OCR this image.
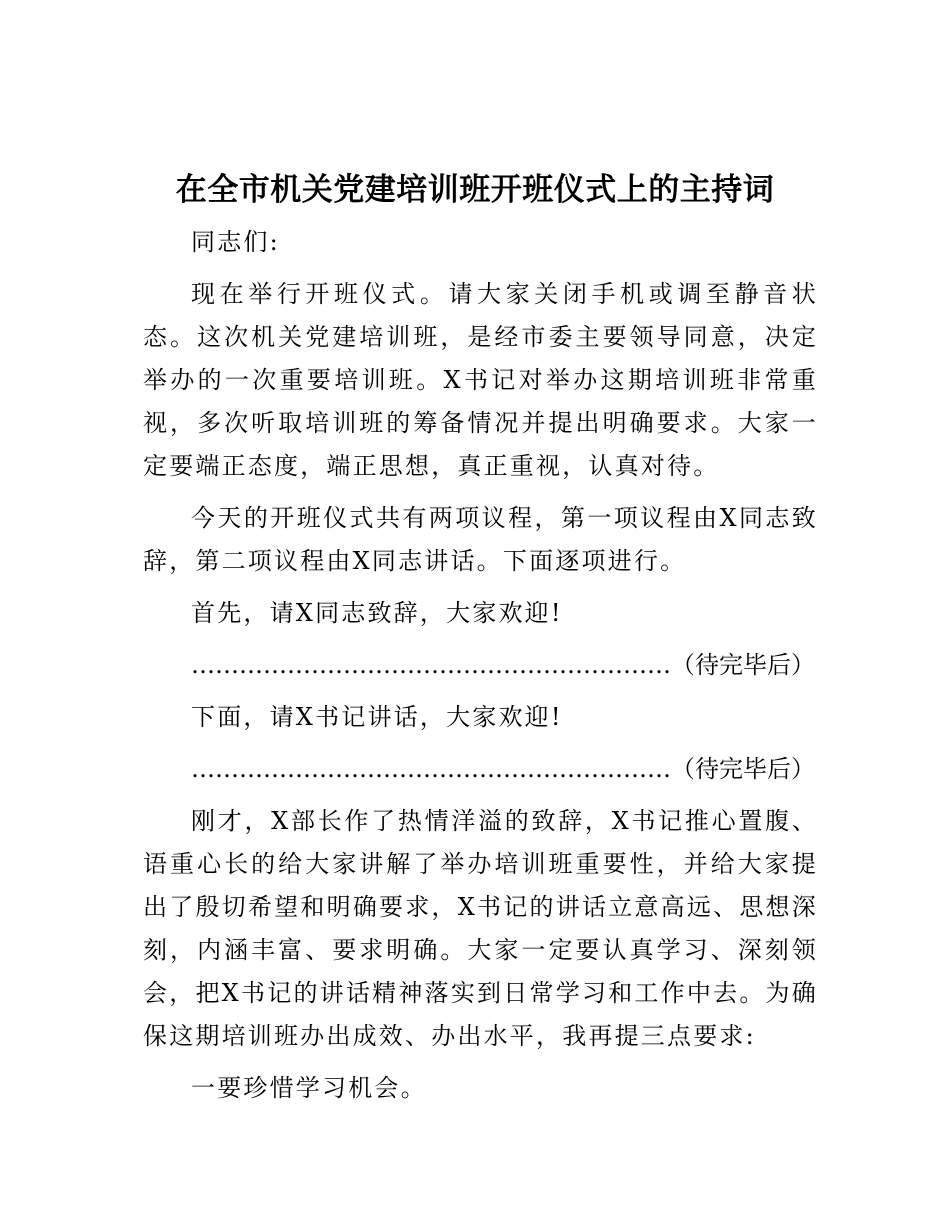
在全市机关党建培训班开班仪式上的主持词

同志们:

现在举行开班仪式。请大家关闭手机或调至静音状态。这次机关党建培训班，是经市委主要领导同意，决定举办的一次重要培训班。X书记对举办这期培训班非常重视，多次听取培训班的筹备情况并提出明确要求。大家一定要端正态度，端正思想，真正重视，认真对待。

今天的开班仪式共有两项议程，第一项议程由X同志致辞，第二项议程由X同志讲话。下面逐项进行。

首先，请X同志致辞，大家欢迎!

……………………………………………………（待完毕后）

下面，请X书记讲话，大家欢迎!

……………………………………………………（待完毕后）

刚才，X部长作了热情洋溢的致辞，X书记推心置腹、语重心长的给大家讲解了举办培训班重要性，并给大家提出了殷切希望和明确要求，X书记的讲话立意高远、思想深刻，内涵丰富、要求明确。大家一定要认真学习、深刻领会，把X书记的讲话精神落实到日常学习和工作中去。为确保这期培训班办出成效、办出水平，我再提三点要求:

一要珍惜学习机会。
